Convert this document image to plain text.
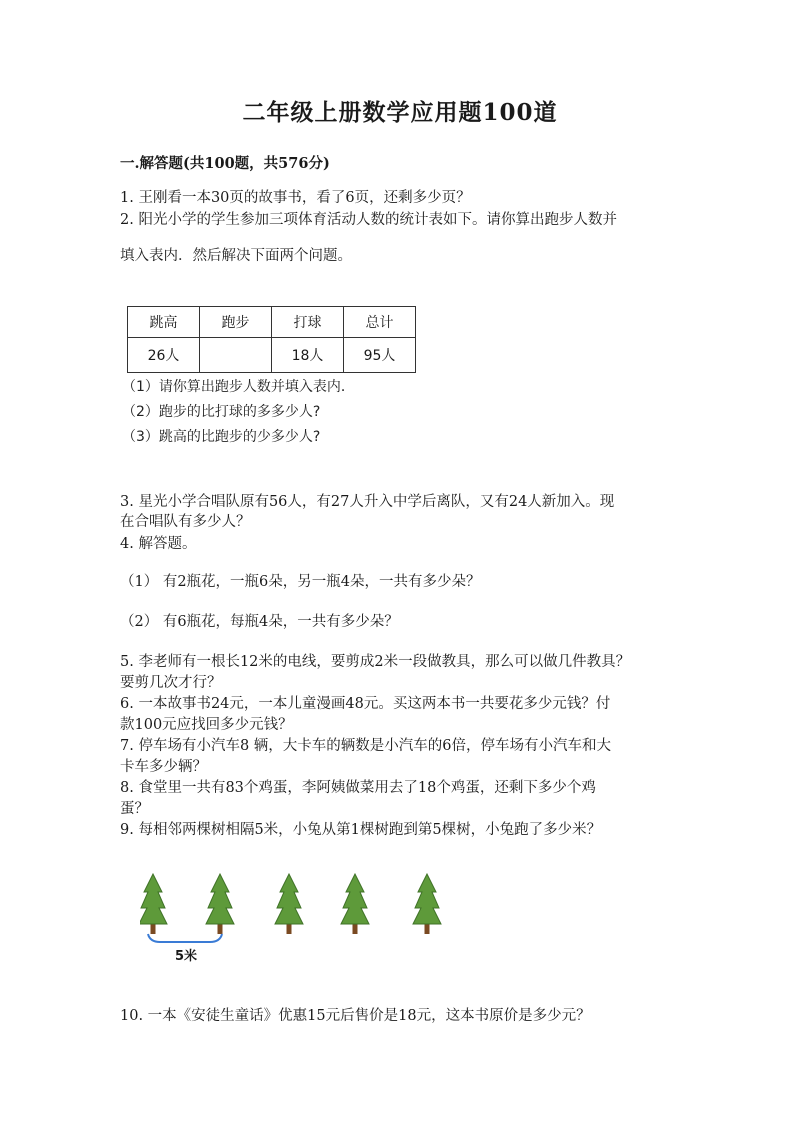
二年级上册数学应用题100道
一.解答题(共100题，共576分)
1. 王刚看一本30页的故事书，看了6页，还剩多少页？
2. 阳光小学的学生参加三项体育活动人数的统计表如下。请你算出跑步人数并
填入表内．然后解决下面两个问题。
跳高	跑步	打球	总计
26人		18人	95人
（1）请你算出跑步人数并填入表内．
（2）跑步的比打球的多多少人?
（3）跳高的比跑步的少多少人?
3. 星光小学合唱队原有56人，有27人升入中学后离队，又有24人新加入。现
在合唱队有多少人？
4. 解答题。
（1） 有2瓶花，一瓶6朵，另一瓶4朵，一共有多少朵？
（2） 有6瓶花，每瓶4朵，一共有多少朵？
5. 李老师有一根长12米的电线，要剪成2米一段做教具，那么可以做几件教具？
要剪几次才行？
6. 一本故事书24元，一本儿童漫画48元。买这两本书一共要花多少元钱？付
款100元应找回多少元钱？
7. 停车场有小汽车8 辆，大卡车的辆数是小汽车的6倍，停车场有小汽车和大
卡车多少辆？
8. 食堂里一共有83个鸡蛋，李阿姨做菜用去了18个鸡蛋，还剩下多少个鸡
蛋？
9. 每相邻两棵树相隔5米，小兔从第1棵树跑到第5棵树，小兔跑了多少米？
5米
10. 一本《安徒生童话》优惠15元后售价是18元，这本书原价是多少元？
